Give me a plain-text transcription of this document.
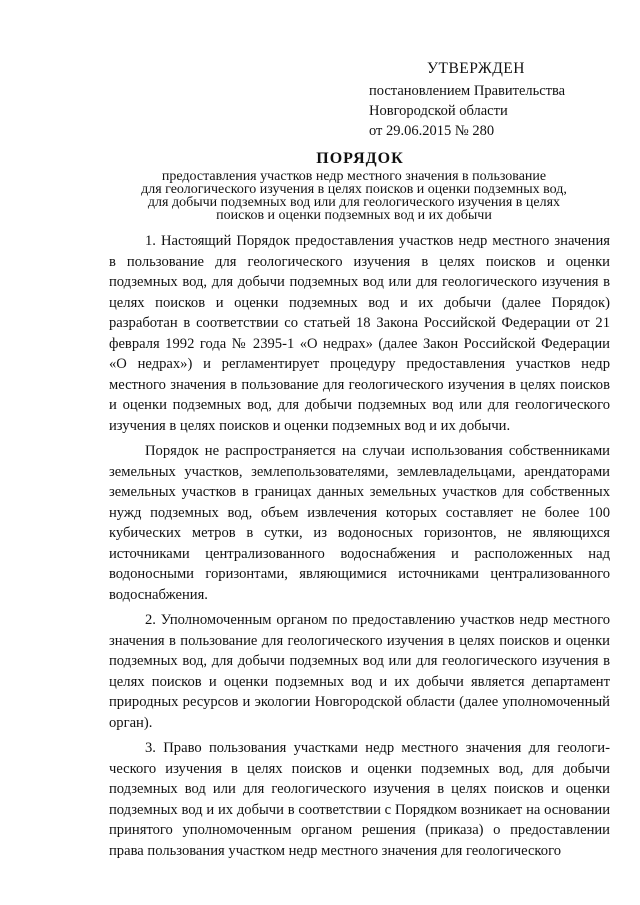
УТВЕРЖДЕН
постановлением Правительства
Новгородской области
от 29.06.2015 № 280
ПОРЯДОК
предоставления участков недр местного значения в пользование
для геологического изучения в целях поисков и оценки подземных вод,
для добычи подземных вод или для геологического изучения в целях
поисков и оценки подземных вод и их добычи

1. Настоящий Порядок предоставления участков недр местного значения в пользование для геологического изучения в целях поисков и оценки подземных вод, для добычи подземных вод или для геологического изучения в целях поисков и оценки подземных вод и их добычи (далее Порядок) разработан в соответствии со статьей 18 Закона Российской Федерации от 21 февраля 1992 года № 2395-1 «О недрах» (далее Закон Российской Федерации «О недрах») и регламентирует процедуру предоставления участков недр местного значения в пользование для геологического изучения в целях поисков и оценки подземных вод, для добычи подземных вод или для геологического изучения в целях поисков и оценки подземных вод и их добычи.

Порядок не распространяется на случаи использования собственниками земельных участков, землепользователями, землевладельцами, арендаторами земельных участков в границах данных земельных участков для собственных нужд подземных вод, объем извлечения которых составляет не более 100 кубических метров в сутки, из водоносных горизонтов, не являющихся источниками централизованного водоснабжения и расположенных над водоносными горизонтами, являющимися источниками централизованного водоснабжения.

2. Уполномоченным органом по предоставлению участков недр местного значения в пользование для геологического изучения в целях поисков и оценки подземных вод, для добычи подземных вод или для геологического изучения в целях поисков и оценки подземных вод и их добычи является департамент природных ресурсов и экологии Новгородской области (далее уполномоченный орган).

3. Право пользования участками недр местного значения для геологического изучения в целях поисков и оценки подземных вод, для добычи подземных вод или для геологического изучения в целях поисков и оценки подземных вод и их добычи в соответствии с Порядком возникает на основании принятого уполномоченным органом решения (приказа) о предоставлении права пользования участком недр местного значения для геологического
